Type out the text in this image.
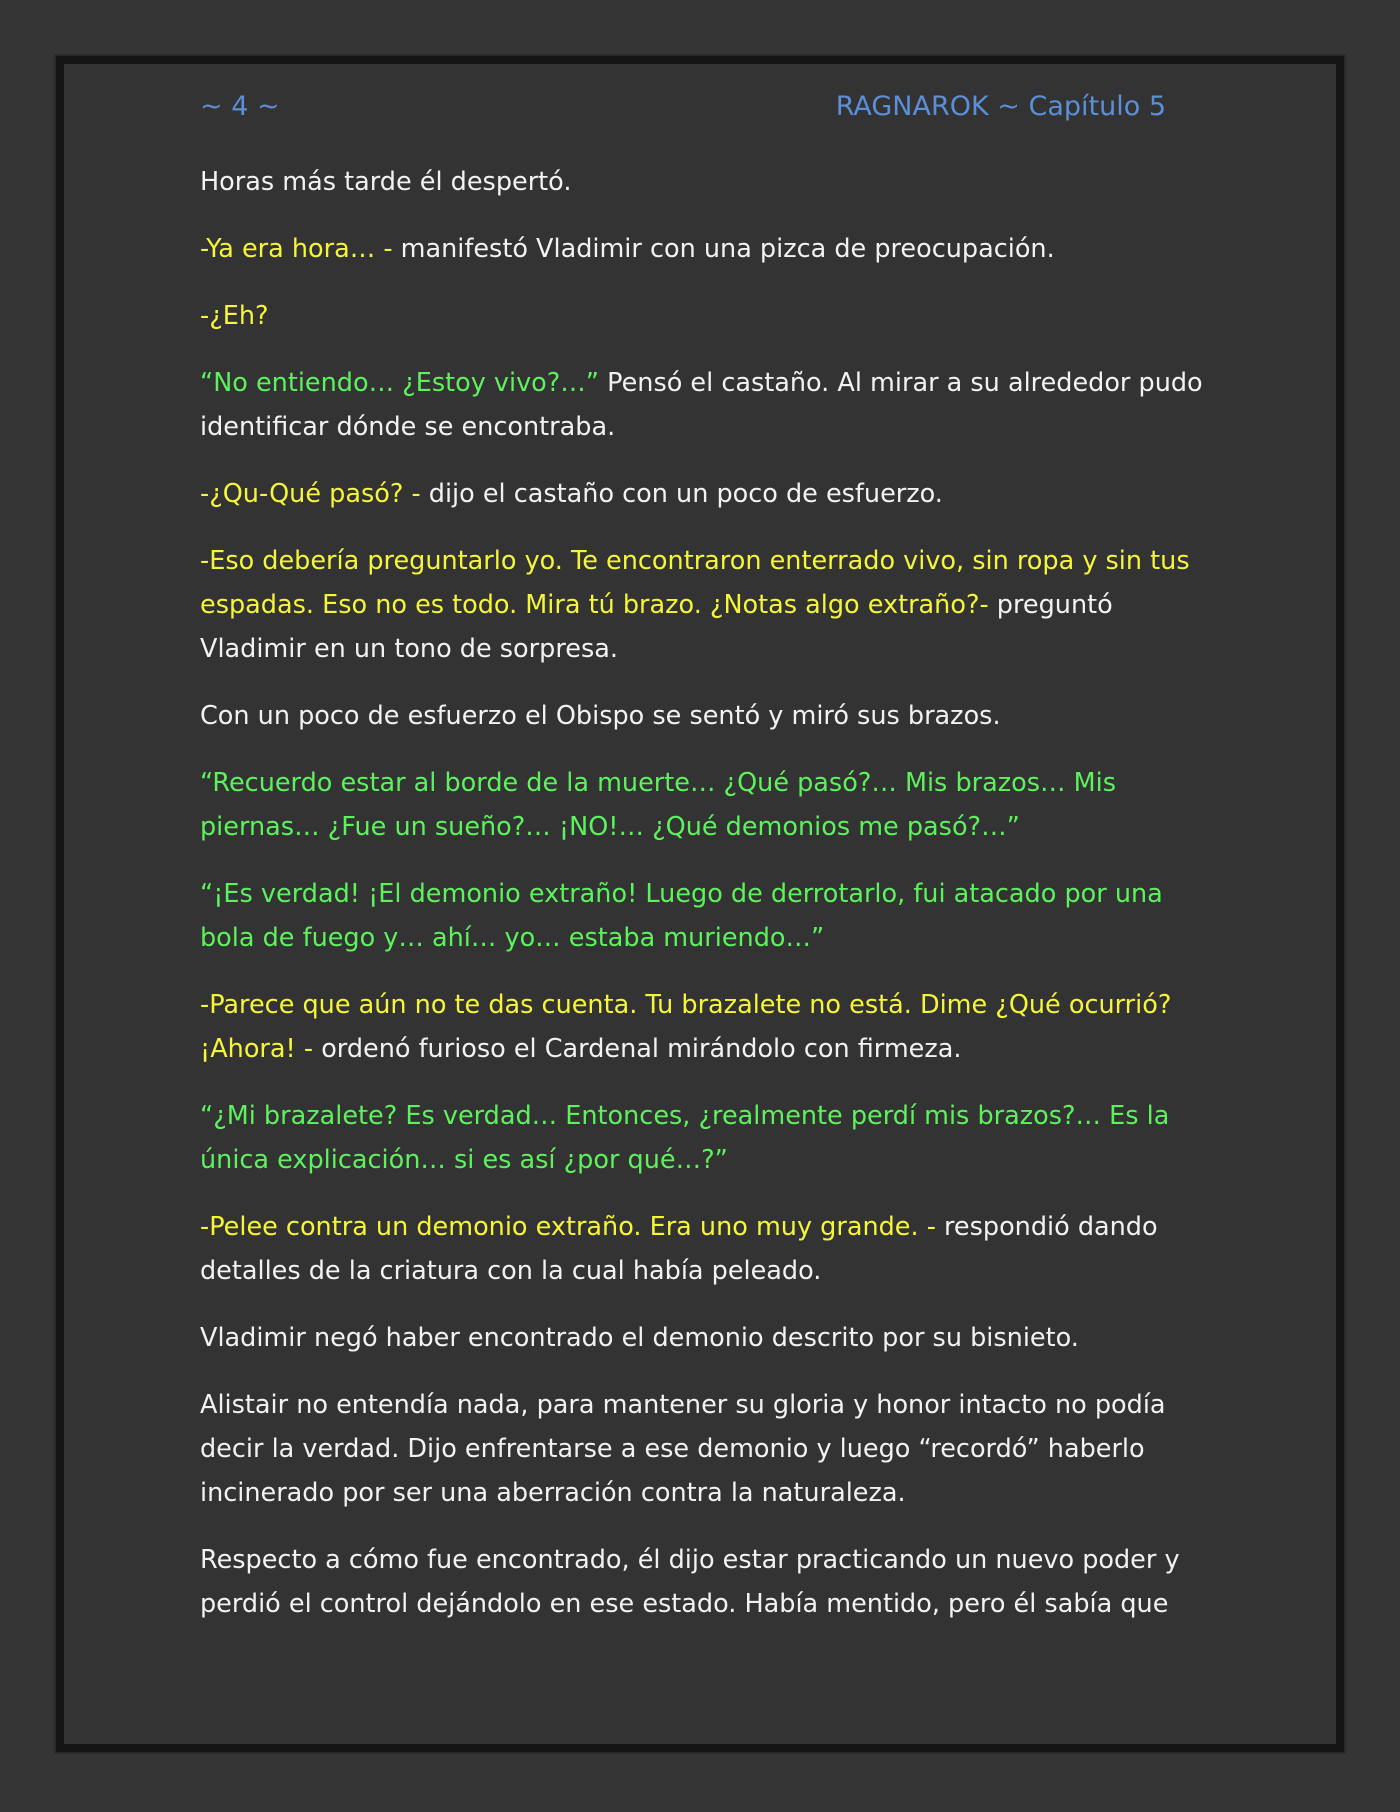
~ 4 ~	RAGNAROK ~ Capítulo 5

Horas más tarde él despertó.

-Ya era hora… - manifestó Vladimir con una pizca de preocupación.

-¿Eh?

“No entiendo… ¿Estoy vivo?…” Pensó el castaño. Al mirar a su alrededor pudo identificar dónde se encontraba.

-¿Qu-Qué pasó? - dijo el castaño con un poco de esfuerzo.

-Eso debería preguntarlo yo. Te encontraron enterrado vivo, sin ropa y sin tus espadas. Eso no es todo. Mira tú brazo. ¿Notas algo extraño?- preguntó Vladimir en un tono de sorpresa.

Con un poco de esfuerzo el Obispo se sentó y miró sus brazos.

“Recuerdo estar al borde de la muerte… ¿Qué pasó?… Mis brazos… Mis piernas… ¿Fue un sueño?… ¡NO!… ¿Qué demonios me pasó?…”

“¡Es verdad! ¡El demonio extraño! Luego de derrotarlo, fui atacado por una bola de fuego y… ahí… yo… estaba muriendo…”

-Parece que aún no te das cuenta. Tu brazalete no está. Dime ¿Qué ocurrió? ¡Ahora! - ordenó furioso el Cardenal mirándolo con firmeza.

“¿Mi brazalete? Es verdad… Entonces, ¿realmente perdí mis brazos?… Es la única explicación… si es así ¿por qué…?”

-Pelee contra un demonio extraño. Era uno muy grande. - respondió dando detalles de la criatura con la cual había peleado.

Vladimir negó haber encontrado el demonio descrito por su bisnieto.

Alistair no entendía nada, para mantener su gloria y honor intacto no podía decir la verdad. Dijo enfrentarse a ese demonio y luego “recordó” haberlo incinerado por ser una aberración contra la naturaleza.

Respecto a cómo fue encontrado, él dijo estar practicando un nuevo poder y perdió el control dejándolo en ese estado. Había mentido, pero él sabía que
